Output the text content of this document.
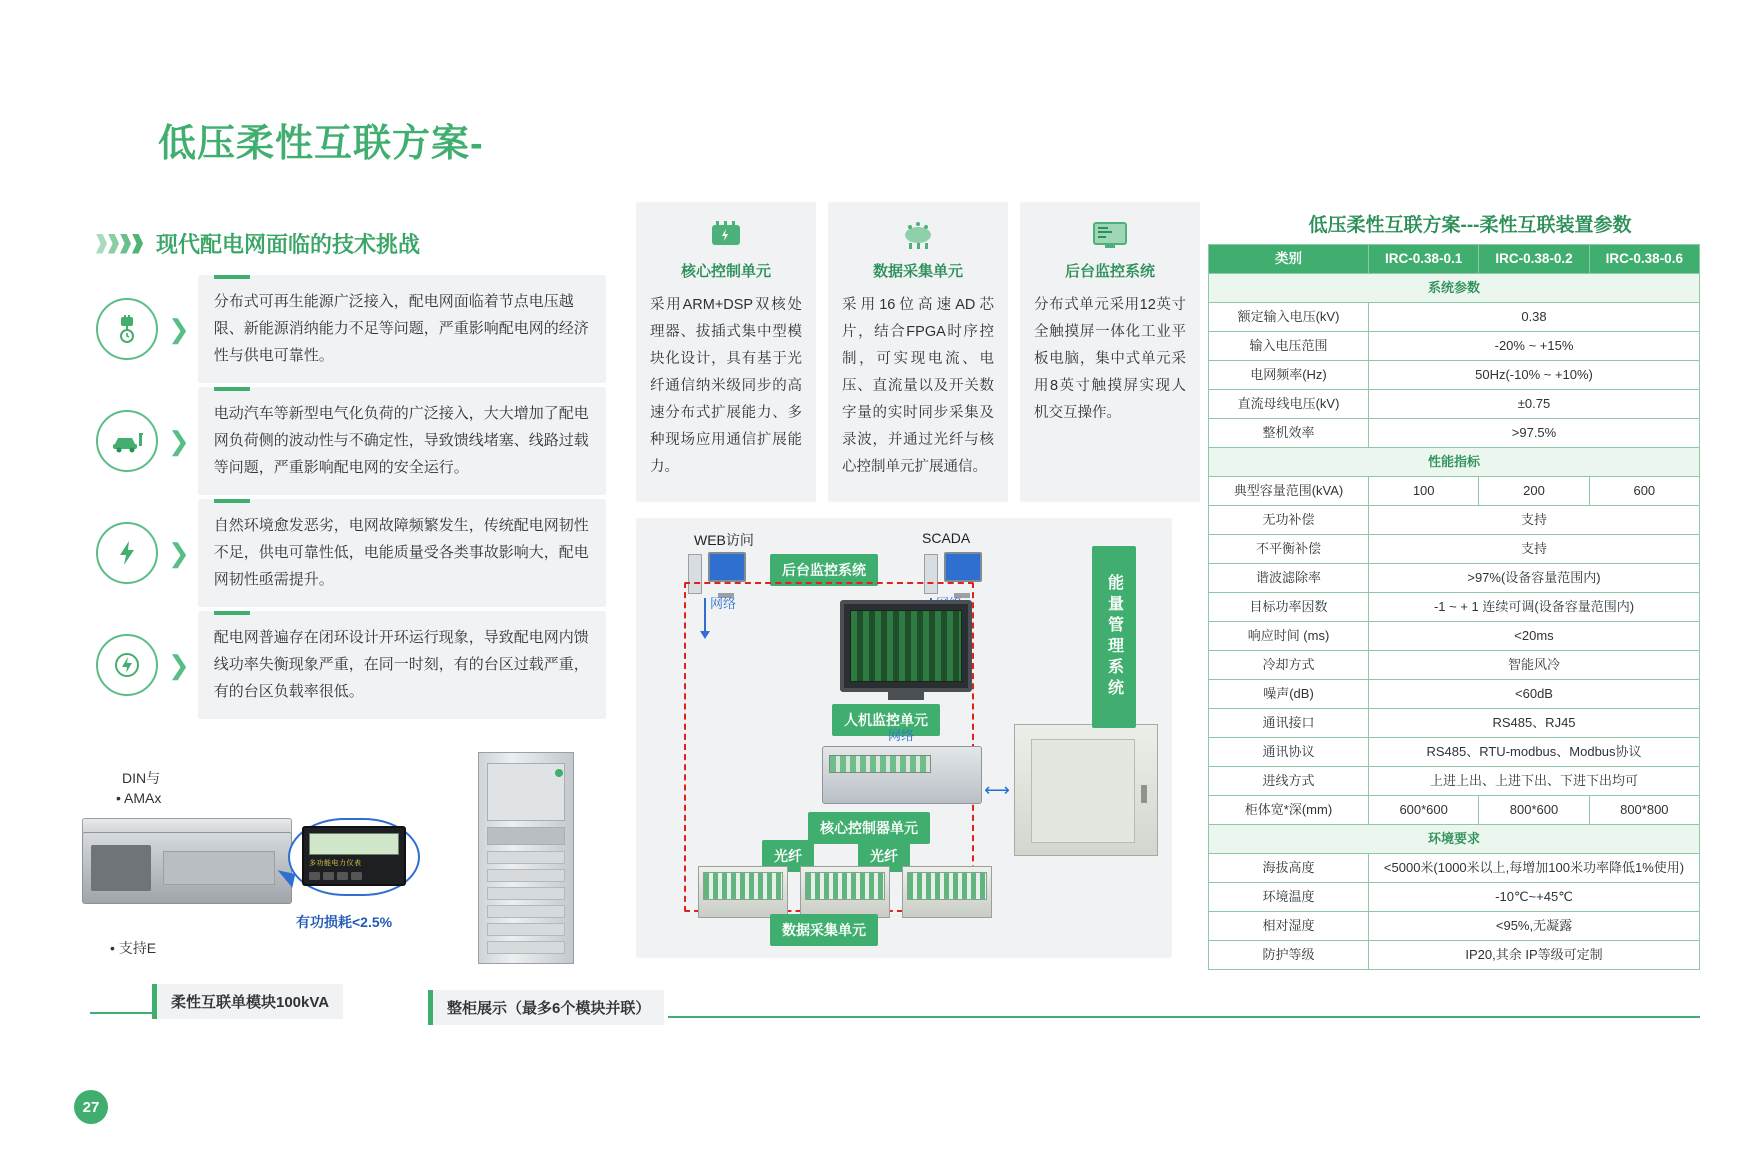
低压柔性互联方案-
现代配电网面临的技术挑战
❯
分布式可再生能源广泛接入，配电网面临着节点电压越限、新能源消纳能力不足等问题，严重影响配电网的经济性与供电可靠性。
❯
电动汽车等新型电气化负荷的广泛接入，大大增加了配电网负荷侧的波动性与不确定性，导致馈线堵塞、线路过载等问题，严重影响配电网的安全运行。
❯
自然环境愈发恶劣，电网故障频繁发生，传统配电网韧性不足，供电可靠性低，电能质量受各类事故影响大，配电网韧性亟需提升。
❯
配电网普遍存在闭环设计开环运行现象，导致配电网内馈线功率失衡现象严重，在同一时刻，有的台区过载严重，有的台区负载率很低。
DIN与
• AMAx
• 支持E
多功能电力仪表
有功损耗<2.5%
柔性互联单模块100kVA	整柜展示（最多6个模块并联）
核心控制单元
采用ARM+DSP双核处理器、拔插式集中型模块化设计，具有基于光纤通信纳米级同步的高速分布式扩展能力、多种现场应用通信扩展能力。
数据采集单元
采用16位高速AD芯片，结合FPGA时序控制，可实现电流、电压、直流量以及开关数字量的实时同步采集及录波，并通过光纤与核心控制单元扩展通信。
后台监控系统
分布式单元采用12英寸全触摸屏一体化工业平板电脑，集中式单元采用8英寸触摸屏实现人机交互操作。
WEB访问	SCADA
后台监控系统
网络
人机监控单元
网络
⟷
核心控制器单元
光纤	光纤
数据采集单元
能量管理系统
低压柔性互联方案---柔性互联装置参数
类别	IRC-0.38-0.1	IRC-0.38-0.2	IRC-0.38-0.6
系统参数			
额定输入电压(kV)	0.38		
输入电压范围	-20% ~ +15%		
电网频率(Hz)	50Hz(-10% ~ +10%)		
直流母线电压(kV)	±0.75		
整机效率	>97.5%		
性能指标			
典型容量范围(kVA)	100	200	600
无功补偿	支持		
不平衡补偿	支持		
谐波滤除率	>97%(设备容量范围内)		
目标功率因数	-1 ~ + 1 连续可调(设备容量范围内)		
响应时间 (ms)	<20ms		
冷却方式	智能风冷		
噪声(dB)	<60dB		
通讯接口	RS485、RJ45		
通讯协议	RS485、RTU-modbus、Modbus协议		
进线方式	上进上出、上进下出、下进下出均可		
柜体宽*深(mm)	600*600	800*600	800*800
环境要求			
海拔高度	<5000米(1000米以上,每增加100米功率降低1%使用)		
环境温度	-10℃~+45℃		
相对湿度	<95%,无凝露		
防护等级	IP20,其余 IP等级可定制		
27
